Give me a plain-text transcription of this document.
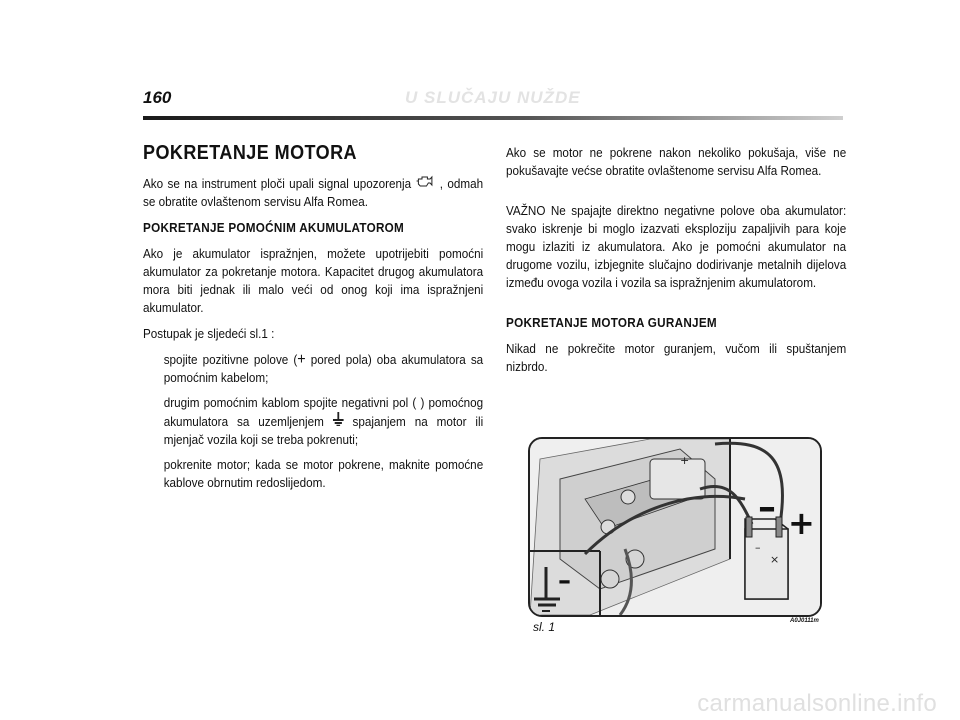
160	U SLUČAJU NUŽDE
POKRETANJE MOTORA

Ako se na instrument ploči upali signal upozorenja , odmah se obratite ovlaštenom servisu Alfa Romea.

POKRETANJE POMOĆNIM AKUMULATOROM

Ako je akumulator ispražnjen, možete upotrijebiti pomoćni akumulator za pokretanje motora. Kapacitet drugog akumulatora mora biti jednak ili malo veći od onog koji ima ispražnjeni akumulator.

Postupak je sljedeći sl.1 :

spojite pozitivne polove (+ pored pola) oba akumulatora sa pomoćnim kabelom;

drugim pomoćnim kablom spojite negativni pol ( ) pomoćnog akumulatora sa uzemljenjem  spajanjem na motor ili mjenjač vozila koji se treba pokrenuti;

pokrenite motor; kada se motor pokrene, maknite pomoćne kablove obrnutim redoslijedom.

Ako se motor ne pokrene nakon nekoliko pokušaja, više ne pokušavajte većse obratite ovlaštenome servisu Alfa Romea.

VAŽNO Ne spajajte direktno negativne polove oba akumulator: svako iskrenje bi moglo izazvati eksploziju zapaljivih para koje mogu izlaziti iz akumulatora. Ako je pomoćni akumulator na drugome vozilu, izbjegnite slučajno dodirivanje metalnih dijelova između ovoga vozila i vozila sa ispražnjenim akumulatorom.

POKRETANJE MOTORA GURANJEM

Nikad ne pokrečite motor guranjem, vučom ili spuštanjem nizbrdo.

+
–
×
– +
–
sl. 1	A0J0111m
carmanualsonline.info
